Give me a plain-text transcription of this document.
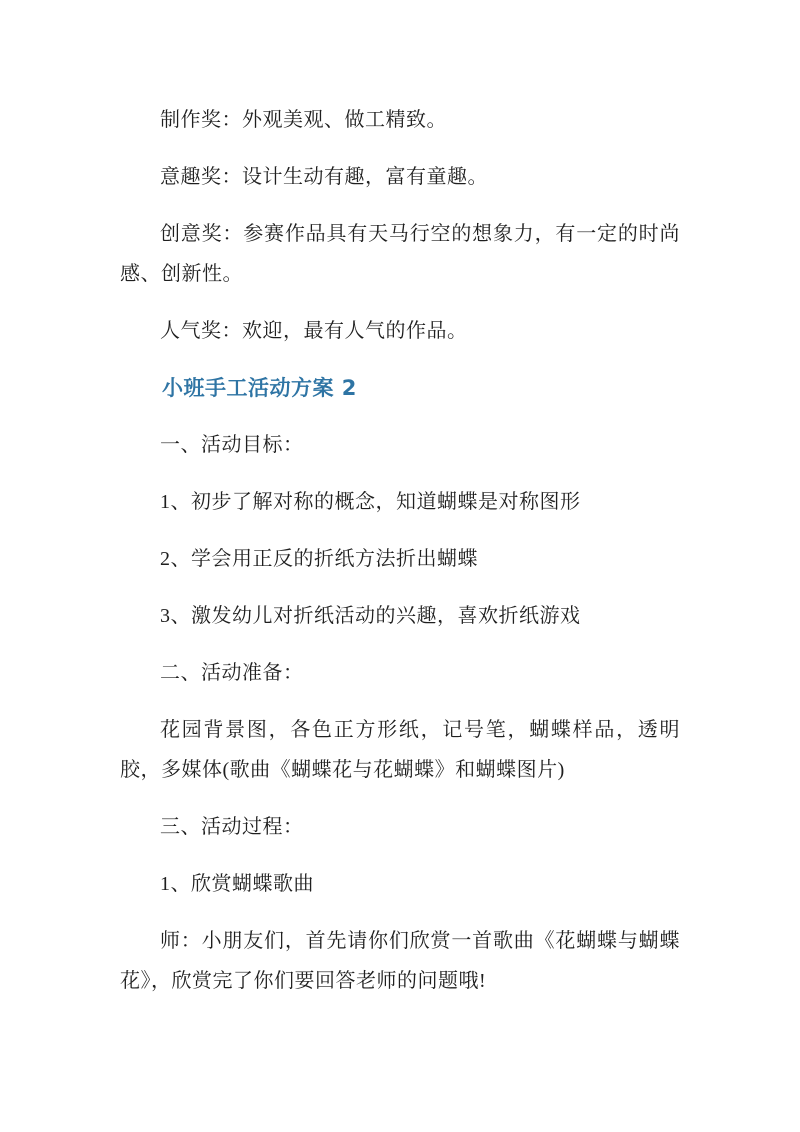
制作奖：外观美观、做工精致。

意趣奖：设计生动有趣，富有童趣。

创意奖：参赛作品具有天马行空的想象力，有一定的时尚感、创新性。

人气奖：欢迎，最有人气的作品。

小班手工活动方案 2

一、活动目标：

1、初步了解对称的概念，知道蝴蝶是对称图形

2、学会用正反的折纸方法折出蝴蝶

3、激发幼儿对折纸活动的兴趣，喜欢折纸游戏

二、活动准备：

花园背景图，各色正方形纸，记号笔，蝴蝶样品，透明胶，多媒体(歌曲《蝴蝶花与花蝴蝶》和蝴蝶图片)

三、活动过程：

1、欣赏蝴蝶歌曲

师：小朋友们，首先请你们欣赏一首歌曲《花蝴蝶与蝴蝶花》，欣赏完了你们要回答老师的问题哦!
